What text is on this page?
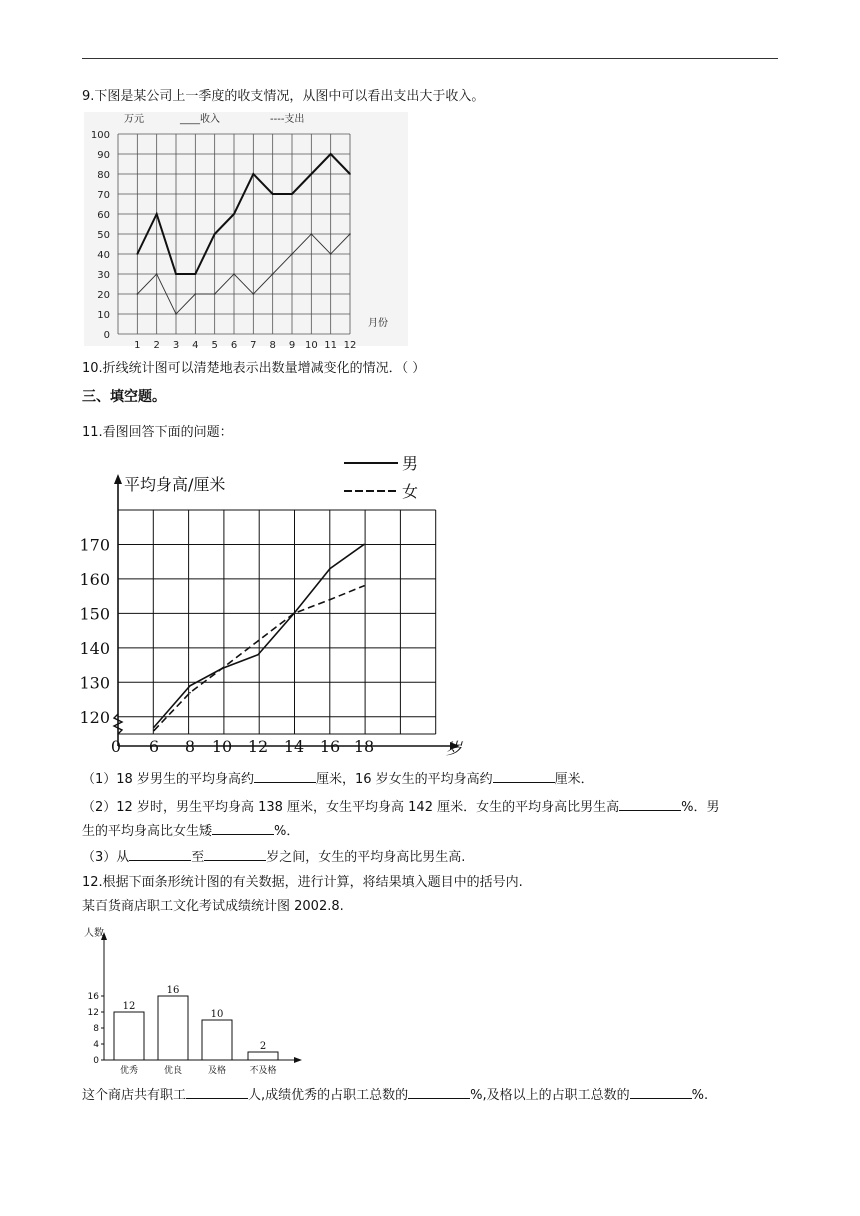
9.下图是某公司上一季度的收支情况，从图中可以看出支出大于收入。
0
10
20
30
40
50
60
70
80
90
100
1 2 3 4 5 6 7 8 9 10 11 12
万元	____收入	----支出
月份
10.折线统计图可以清楚地表示出数量增减变化的情况．（ ）
三、填空题。
11.看图回答下面的问题：
120
130
140
150
160
170
0 6 8 10 12 14 16 18	岁
平均身高/厘米
男
女
（1）18 岁男生的平均身高约	厘米，16 岁女生的平均身高约	厘米．
（2）12 岁时，男生平均身高 138 厘米，女生平均身高 142 厘米．女生的平均身高比男生高	%．男
生的平均身高比女生矮	%．
（3）从	至	岁之间，女生的平均身高比男生高.
12.根据下面条形统计图的有关数据，进行计算，将结果填入题目中的括号内.
某百货商店职工文化考试成绩统计图 2002.8.
人数
0
4
8
12
16
12
优秀
16
优良
10
及格
2
不及格
这个商店共有职工	人,成绩优秀的占职工总数的	%,及格以上的占职工总数的	%.
